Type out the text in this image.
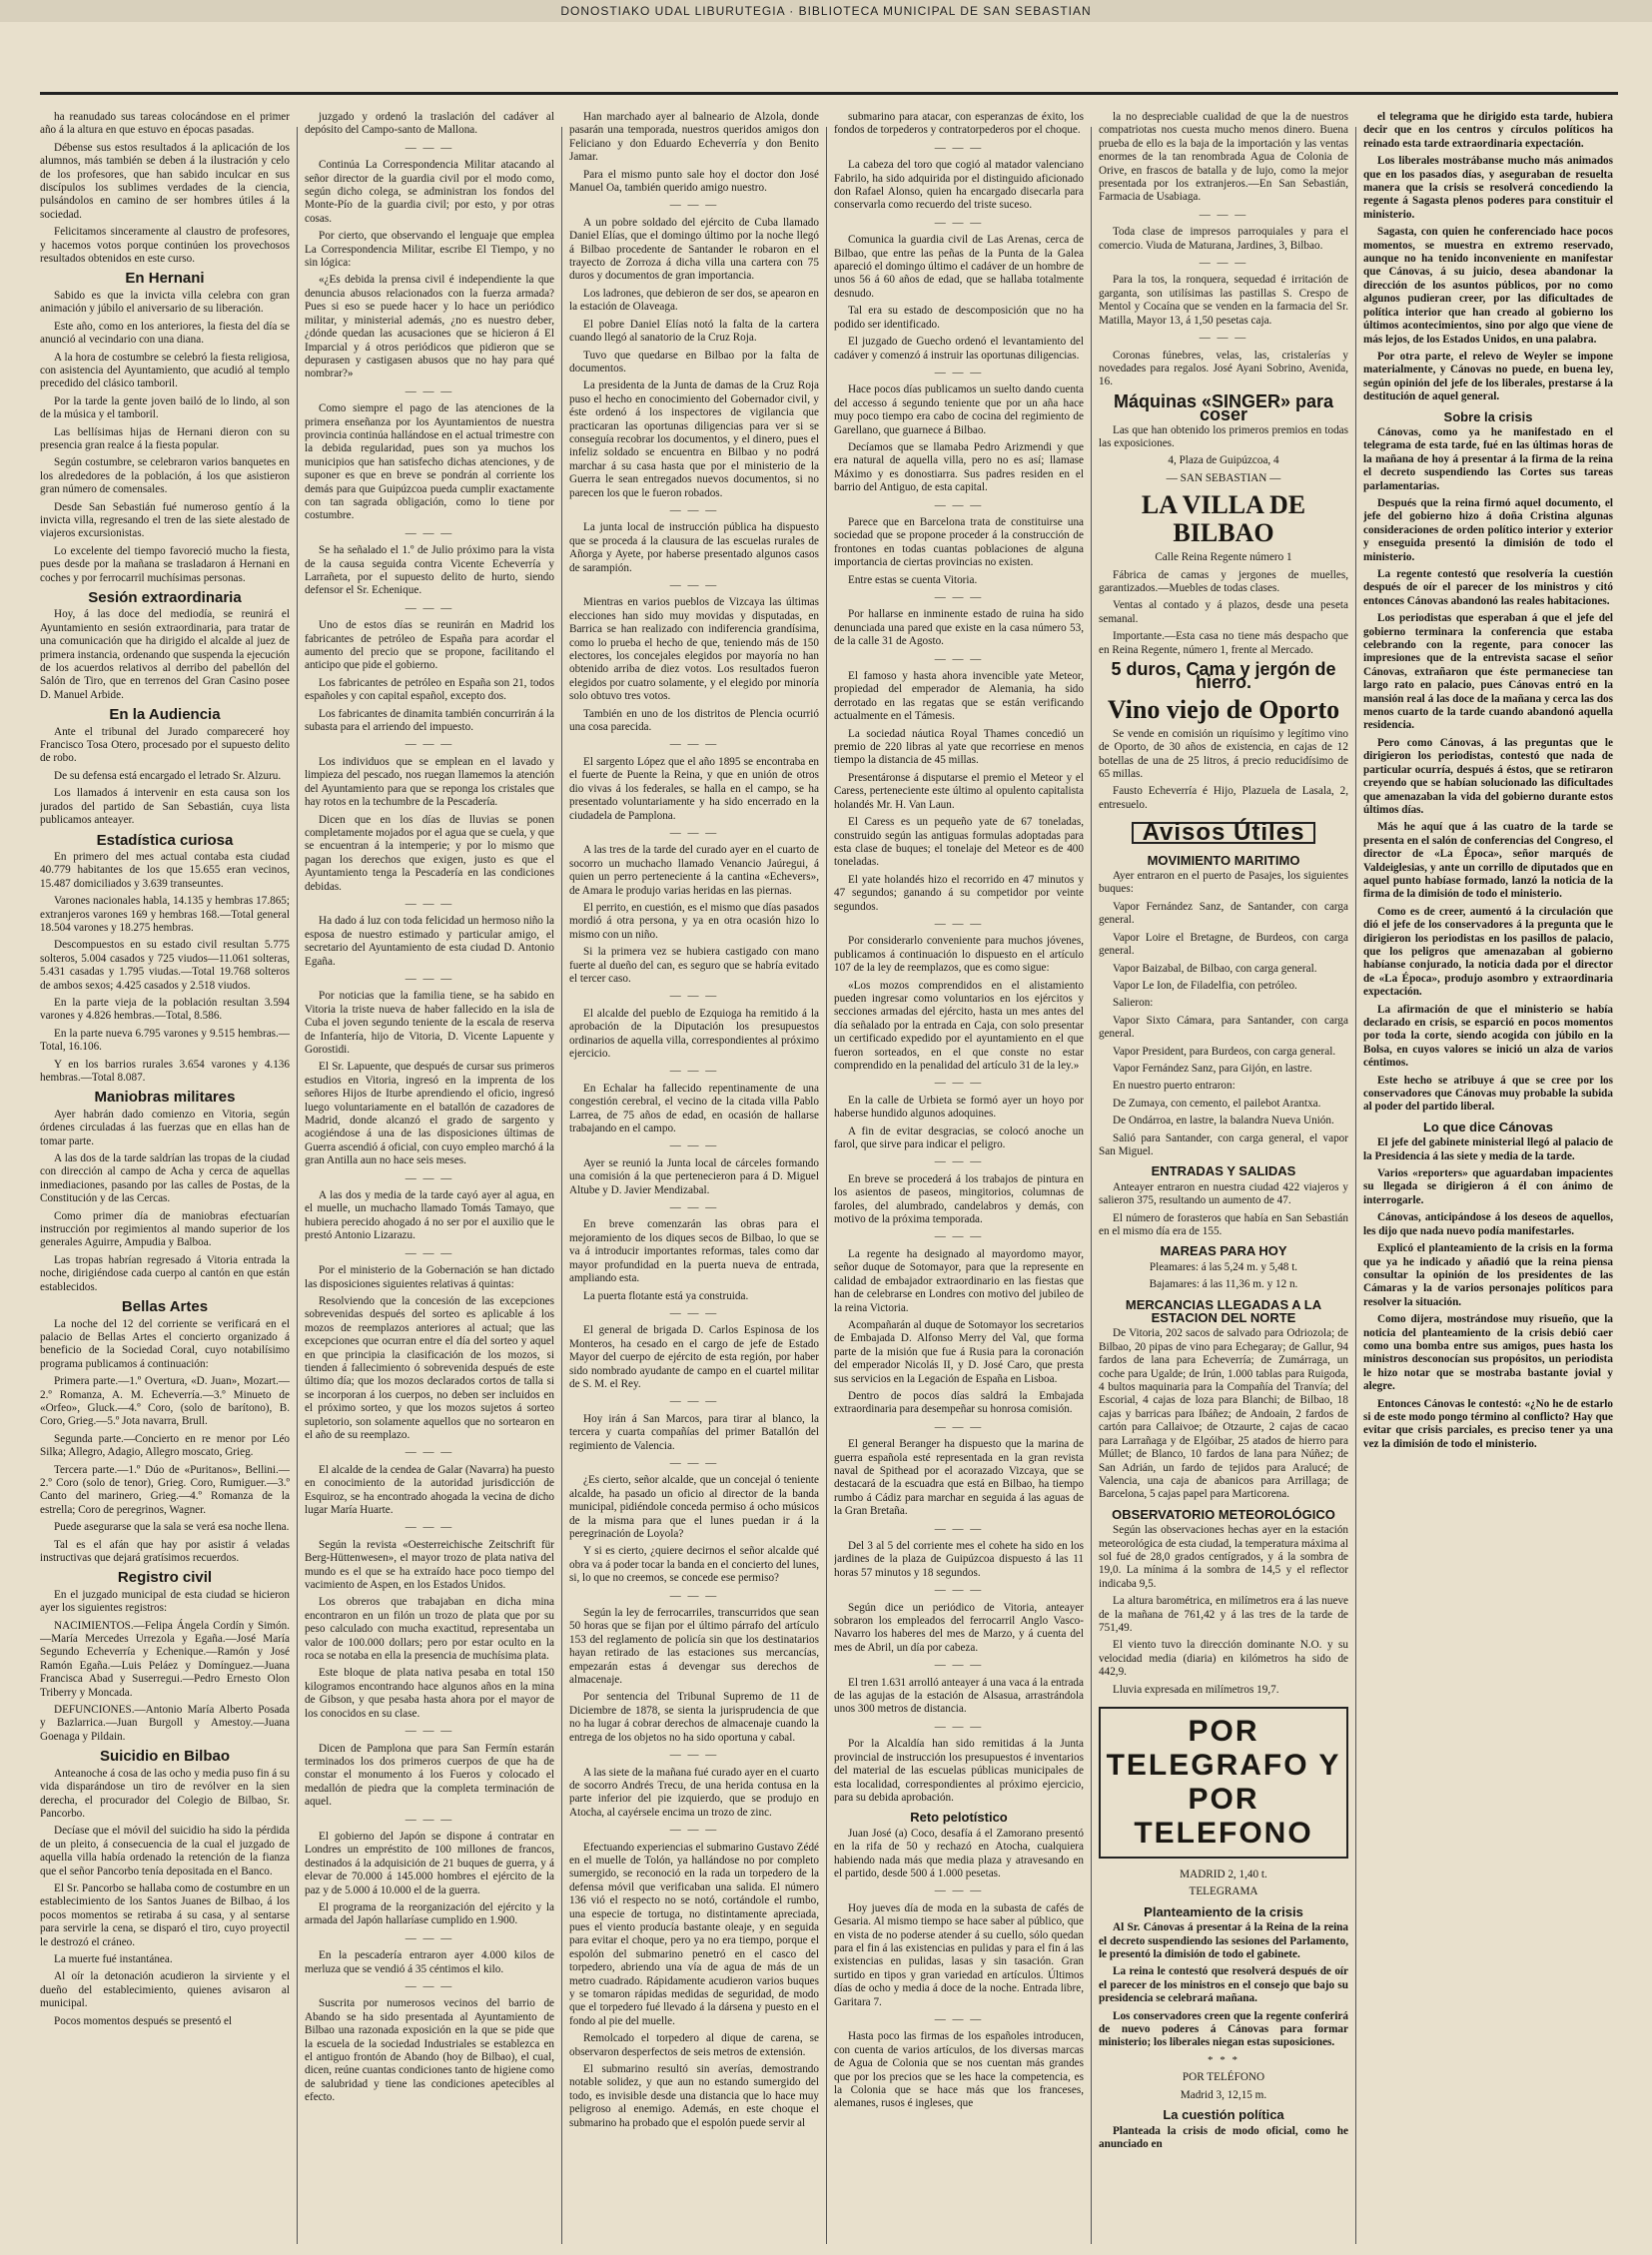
DONOSTIAKO UDAL LIBURUTEGIA · BIBLIOTECA MUNICIPAL DE SAN SEBASTIAN

ha reanudado sus tareas colocándose en el primer año á la altura en que estuvo en épocas pasadas.

Débense sus estos resultados á la aplicación de los alumnos, más también se deben á la ilustración y celo de los profesores, que han sabido inculcar en sus discípulos los sublimes verdades de la ciencia, pulsándolos en camino de ser hombres útiles á la sociedad.

Felicitamos sinceramente al claustro de profesores, y hacemos votos porque continúen los provechosos resultados obtenidos en este curso.

En Hernani

Sabido es que la invicta villa celebra con gran animación y júbilo el aniversario de su liberación.

Este año, como en los anteriores, la fiesta del día se anunció al vecindario con una diana.

A la hora de costumbre se celebró la fiesta religiosa, con asistencia del Ayuntamiento, que acudió al templo precedido del clásico tamboril.

Por la tarde la gente joven bailó de lo lindo, al son de la música y el tamboril.

Las bellísimas hijas de Hernani dieron con su presencia gran realce á la fiesta popular.

Según costumbre, se celebraron varios banquetes en los alrededores de la población, á los que asistieron gran número de comensales.

Desde San Sebastián fué numeroso gentío á la invicta villa, regresando el tren de las siete alestado de viajeros excursionistas.

Lo excelente del tiempo favoreció mucho la fiesta, pues desde por la mañana se trasladaron á Hernani en coches y por ferrocarril muchísimas personas.

Sesión extraordinaria

Hoy, á las doce del mediodía, se reunirá el Ayuntamiento en sesión extraordinaria, para tratar de una comunicación que ha dirigido el alcalde al juez de primera instancia, ordenando que suspenda la ejecución de los acuerdos relativos al derribo del pabellón del Salón de Tiro, que en terrenos del Gran Casino posee D. Manuel Arbide.

En la Audiencia

Ante el tribunal del Jurado compareceré hoy Francisco Tosa Otero, procesado por el supuesto delito de robo.

De su defensa está encargado el letrado Sr. Alzuru.

Los llamados á intervenir en esta causa son los jurados del partido de San Sebastián, cuya lista publicamos anteayer.

Estadística curiosa

En primero del mes actual contaba esta ciudad 40.779 habitantes de los que 15.655 eran vecinos, 15.487 domiciliados y 3.639 transeuntes.

Varones nacionales habla, 14.135 y hembras 17.865; extranjeros varones 169 y hembras 168.—Total general 18.504 varones y 18.275 hembras.

Descompuestos en su estado civil resultan 5.775 solteros, 5.004 casados y 725 viudos—11.061 solteras, 5.431 casadas y 1.795 viudas.—Total 19.768 solteros de ambos sexos; 4.425 casados y 2.518 viudos.

En la parte vieja de la población resultan 3.594 varones y 4.826 hembras.—Total, 8.586.

En la parte nueva 6.795 varones y 9.515 hembras.—Total, 16.106.

Y en los barrios rurales 3.654 varones y 4.136 hembras.—Total 8.087.

Maniobras militares

Ayer habrán dado comienzo en Vitoria, según órdenes circuladas á las fuerzas que en ellas han de tomar parte.

A las dos de la tarde saldrían las tropas de la ciudad con dirección al campo de Acha y cerca de aquellas inmediaciones, pasando por las calles de Postas, de la Constitución y de las Cercas.

Como primer día de maniobras efectuarían instrucción por regimientos al mando superior de los generales Aguirre, Ampudia y Balboa.

Las tropas habrían regresado á Vitoria entrada la noche, dirigiéndose cada cuerpo al cantón en que están establecidos.

Bellas Artes

La noche del 12 del corriente se verificará en el palacio de Bellas Artes el concierto organizado á beneficio de la Sociedad Coral, cuyo notabilísimo programa publicamos á continuación:

Primera parte.—1.º Overtura, «D. Juan», Mozart.—2.º Romanza, A. M. Echeverría.—3.º Minueto de «Orfeo», Gluck.—4.º Coro, (solo de barítono), B. Coro, Grieg.—5.º Jota navarra, Brull.

Segunda parte.—Concierto en re menor por Léo Silka; Allegro, Adagio, Allegro moscato, Grieg.

Tercera parte.—1.º Dúo de «Puritanos», Bellini.—2.º Coro (solo de tenor), Grieg. Coro, Rumiguer.—3.º Canto del marinero, Grieg.—4.º Romanza de la estrella; Coro de peregrinos, Wagner.

Puede asegurarse que la sala se verá esa noche llena.

Tal es el afán que hay por asistir á veladas instructivas que dejará gratísimos recuerdos.

Registro civil

En el juzgado municipal de esta ciudad se hicieron ayer los siguientes registros:

NACIMIENTOS.—Felipa Ángela Cordín y Simón.—María Mercedes Urrezola y Egaña.—José María Segundo Echeverría y Echenique.—Ramón y José Ramón Egaña.—Luis Peláez y Domínguez.—Juana Francisca Abad y Suserregui.—Pedro Ernesto Olon Triberry y Moncada.

DEFUNCIONES.—Antonio María Alberto Posada y Bazlarrica.—Juan Burgoll y Amestoy.—Juana Goenaga y Pildain.

Suicidio en Bilbao

Anteanoche á cosa de las ocho y media puso fin á su vida disparándose un tiro de revólver en la sien derecha, el procurador del Colegio de Bilbao, Sr. Pancorbo.

Decíase que el móvil del suicidio ha sido la pérdida de un pleito, á consecuencia de la cual el juzgado de aquella villa había ordenado la retención de la fianza que el señor Pancorbo tenía depositada en el Banco.

El Sr. Pancorbo se hallaba como de costumbre en un establecimiento de los Santos Juanes de Bilbao, á los pocos momentos se retiraba á su casa, y al sentarse para servirle la cena, se disparó el tiro, cuyo proyectil le destrozó el cráneo.

La muerte fué instantánea.

Al oír la detonación acudieron la sirviente y el dueño del establecimiento, quienes avisaron al municipal.

Pocos momentos después se presentó el

juzgado y ordenó la traslación del cadáver al depósito del Campo-santo de Mallona.

— — —

Continúa La Correspondencia Militar atacando al señor director de la guardia civil por el modo como, según dicho colega, se administran los fondos del Monte-Pío de la guardia civil; por esto, y por otras cosas.

Por cierto, que observando el lenguaje que emplea La Correspondencia Militar, escribe El Tiempo, y no sin lógica:

«¿Es debida la prensa civil é independiente la que denuncia abusos relacionados con la fuerza armada? Pues si eso se puede hacer y lo hace un periódico militar, y ministerial además, ¿no es nuestro deber, ¿dónde quedan las acusaciones que se hicieron á El Imparcial y á otros periódicos que pidieron que se depurasen y castigasen abusos que no hay para qué nombrar?»

— — —

Como siempre el pago de las atenciones de la primera enseñanza por los Ayuntamientos de nuestra provincia continúa hallándose en el actual trimestre con la debida regularidad, pues son ya muchos los municipios que han satisfecho dichas atenciones, y de suponer es que en breve se pondrán al corriente los demás para que Guipúzcoa pueda cumplir exactamente con tan sagrada obligación, como lo tiene por costumbre.

— — —

Se ha señalado el 1.º de Julio próximo para la vista de la causa seguida contra Vicente Echeverría y Larrañeta, por el supuesto delito de hurto, siendo defensor el Sr. Echenique.

— — —

Uno de estos días se reunirán en Madrid los fabricantes de petróleo de España para acordar el aumento del precio que se propone, facilitando el anticipo que pide el gobierno.

Los fabricantes de petróleo en España son 21, todos españoles y con capital español, excepto dos.

Los fabricantes de dinamita también concurrirán á la subasta para el arriendo del impuesto.

— — —

Los individuos que se emplean en el lavado y limpieza del pescado, nos ruegan llamemos la atención del Ayuntamiento para que se reponga los cristales que hay rotos en la techumbre de la Pescadería.

Dicen que en los días de lluvias se ponen completamente mojados por el agua que se cuela, y que se encuentran á la intemperie; y por lo mismo que pagan los derechos que exigen, justo es que el Ayuntamiento tenga la Pescadería en las condiciones debidas.

— — —

Ha dado á luz con toda felicidad un hermoso niño la esposa de nuestro estimado y particular amigo, el secretario del Ayuntamiento de esta ciudad D. Antonio Egaña.

— — —

Por noticias que la familia tiene, se ha sabido en Vitoria la triste nueva de haber fallecido en la isla de Cuba el joven segundo teniente de la escala de reserva de Infantería, hijo de Vitoria, D. Vicente Lapuente y Gorostidi.

El Sr. Lapuente, que después de cursar sus primeros estudios en Vitoria, ingresó en la imprenta de los señores Hijos de Iturbe aprendiendo el oficio, ingresó luego voluntariamente en el batallón de cazadores de Madrid, donde alcanzó el grado de sargento y acogiéndose á una de las disposiciones últimas de Guerra ascendió á oficial, con cuyo empleo marchó á la gran Antilla aun no hace seis meses.

— — —

A las dos y media de la tarde cayó ayer al agua, en el muelle, un muchacho llamado Tomás Tamayo, que hubiera perecido ahogado á no ser por el auxilio que le prestó Antonio Lizarazu.

— — —

Por el ministerio de la Gobernación se han dictado las disposiciones siguientes relativas á quintas:

Resolviendo que la concesión de las excepciones sobrevenidas después del sorteo es aplicable á los mozos de reemplazos anteriores al actual; que las excepciones que ocurran entre el día del sorteo y aquel en que principia la clasificación de los mozos, si tienden á fallecimiento ó sobrevenida después de este último día; que los mozos declarados cortos de talla si se incorporan á los cuerpos, no deben ser incluidos en el próximo sorteo, y que los mozos sujetos á sorteo supletorio, son solamente aquellos que no sortearon en el año de su reemplazo.

— — —

El alcalde de la cendea de Galar (Navarra) ha puesto en conocimiento de la autoridad jurisdicción de Esquiroz, se ha encontrado ahogada la vecina de dicho lugar María Huarte.

— — —

Según la revista «Oesterreichische Zeitschrift für Berg-Hüttenwesen», el mayor trozo de plata nativa del mundo es el que se ha extraído hace poco tiempo del vacimiento de Aspen, en los Estados Unidos.

Los obreros que trabajaban en dicha mina encontraron en un filón un trozo de plata que por su peso calculado con mucha exactitud, representaba un valor de 100.000 dollars; pero por estar oculto en la roca se notaba en ella la presencia de muchísima plata.

Este bloque de plata nativa pesaba en total 150 kilogramos encontrando hace algunos años en la mina de Gibson, y que pesaba hasta ahora por el mayor de los conocidos en su clase.

— — —

Dicen de Pamplona que para San Fermín estarán terminados los dos primeros cuerpos de que ha de constar el monumento á los Fueros y colocado el medallón de piedra que la completa terminación de aquel.

— — —

El gobierno del Japón se dispone á contratar en Londres un empréstito de 100 millones de francos, destinados á la adquisición de 21 buques de guerra, y á elevar de 70.000 á 145.000 hombres el ejército de la paz y de 5.000 á 10.000 el de la guerra.

El programa de la reorganización del ejército y la armada del Japón hallaríase cumplido en 1.900.

— — —

En la pescadería entraron ayer 4.000 kilos de merluza que se vendió á 35 céntimos el kilo.

— — —

Suscrita por numerosos vecinos del barrio de Abando se ha sido presentada al Ayuntamiento de Bilbao una razonada exposición en la que se pide que la escuela de la sociedad Industriales se establezca en el antiguo frontón de Abando (hoy de Bilbao), el cual, dicen, reúne cuantas condiciones tanto de higiene como de salubridad y tiene las condiciones apetecibles al efecto.

Han marchado ayer al balneario de Alzola, donde pasarán una temporada, nuestros queridos amigos don Feliciano y don Eduardo Echeverría y don Benito Jamar.

Para el mismo punto sale hoy el doctor don José Manuel Oa, también querido amigo nuestro.

— — —

A un pobre soldado del ejército de Cuba llamado Daniel Elías, que el domingo último por la noche llegó á Bilbao procedente de Santander le robaron en el trayecto de Zorroza á dicha villa una cartera con 75 duros y documentos de gran importancia.

Los ladrones, que debieron de ser dos, se apearon en la estación de Olaveaga.

El pobre Daniel Elías notó la falta de la cartera cuando llegó al sanatorio de la Cruz Roja.

Tuvo que quedarse en Bilbao por la falta de documentos.

La presidenta de la Junta de damas de la Cruz Roja puso el hecho en conocimiento del Gobernador civil, y éste ordenó á los inspectores de vigilancia que practicaran las oportunas diligencias para ver si se conseguía recobrar los documentos, y el dinero, pues el infeliz soldado se encuentra en Bilbao y no podrá marchar á su casa hasta que por el ministerio de la Guerra le sean entregados nuevos documentos, si no parecen los que le fueron robados.

— — —

La junta local de instrucción pública ha dispuesto que se proceda á la clausura de las escuelas rurales de Añorga y Ayete, por haberse presentado algunos casos de sarampión.

— — —

Mientras en varios pueblos de Vizcaya las últimas elecciones han sido muy movidas y disputadas, en Barrica se han realizado con indiferencia grandísima, como lo prueba el hecho de que, teniendo más de 150 electores, los concejales elegidos por mayoría no han obtenido arriba de diez votos. Los resultados fueron elegidos por cuatro solamente, y el elegido por minoría solo obtuvo tres votos.

También en uno de los distritos de Plencia ocurrió una cosa parecida.

— — —

El sargento López que el año 1895 se encontraba en el fuerte de Puente la Reina, y que en unión de otros dio vivas á los federales, se halla en el campo, se ha presentado voluntariamente y ha sido encerrado en la ciudadela de Pamplona.

— — —

A las tres de la tarde del curado ayer en el cuarto de socorro un muchacho llamado Venancio Jaúregui, á quien un perro perteneciente á la cantina «Echevers», de Amara le produjo varias heridas en las piernas.

El perrito, en cuestión, es el mismo que días pasados mordió á otra persona, y ya en otra ocasión hizo lo mismo con un niño.

Si la primera vez se hubiera castigado con mano fuerte al dueño del can, es seguro que se habría evitado el tercer caso.

— — —

El alcalde del pueblo de Ezquioga ha remitido á la aprobación de la Diputación los presupuestos ordinarios de aquella villa, correspondientes al próximo ejercicio.

— — —

En Echalar ha fallecido repentinamente de una congestión cerebral, el vecino de la citada villa Pablo Larrea, de 75 años de edad, en ocasión de hallarse trabajando en el campo.

— — —

Ayer se reunió la Junta local de cárceles formando una comisión á la que pertenecieron para á D. Miguel Altube y D. Javier Mendizabal.

— — —

En breve comenzarán las obras para el mejoramiento de los diques secos de Bilbao, lo que se va á introducir importantes reformas, tales como dar mayor profundidad en la puerta nueva de entrada, ampliando esta.

La puerta flotante está ya construida.

— — —

El general de brigada D. Carlos Espinosa de los Monteros, ha cesado en el cargo de jefe de Estado Mayor del cuerpo de ejército de esta región, por haber sido nombrado ayudante de campo en el cuartel militar de S. M. el Rey.

— — —

Hoy irán á San Marcos, para tirar al blanco, la tercera y cuarta compañías del primer Batallón del regimiento de Valencia.

— — —

¿Es cierto, señor alcalde, que un concejal ó teniente alcalde, ha pasado un oficio al director de la banda municipal, pidiéndole conceda permiso á ocho músicos de la misma para que el lunes puedan ir á la peregrinación de Loyola?

Y si es cierto, ¿quiere decirnos el señor alcalde qué obra va á poder tocar la banda en el concierto del lunes, si, lo que no creemos, se concede ese permiso?

— — —

Según la ley de ferrocarriles, transcurridos que sean 50 horas que se fijan por el último párrafo del artículo 153 del reglamento de policía sin que los destinatarios hayan retirado de las estaciones sus mercancías, empezarán estas á devengar sus derechos de almacenaje.

Por sentencia del Tribunal Supremo de 11 de Diciembre de 1878, se sienta la jurisprudencia de que no ha lugar á cobrar derechos de almacenaje cuando la entrega de los objetos no ha sido oportuna y cabal.

— — —

A las siete de la mañana fué curado ayer en el cuarto de socorro Andrés Trecu, de una herida contusa en la parte inferior del pie izquierdo, que se produjo en Atocha, al cayérsele encima un trozo de zinc.

— — —

Efectuando experiencias el submarino Gustavo Zédé en el muelle de Tolón, ya hallándose no por completo sumergido, se reconoció en la rada un torpedero de la defensa móvil que verificaban una salida. El número 136 vió el respecto no se notó, cortándole el rumbo, una especie de tortuga, no distintamente apreciada, pues el viento producía bastante oleaje, y en seguida para evitar el choque, pero ya no era tiempo, porque el espolón del submarino penetró en el casco del torpedero, abriendo una vía de agua de más de un metro cuadrado. Rápidamente acudieron varios buques y se tomaron rápidas medidas de seguridad, de modo que el torpedero fué llevado á la dársena y puesto en el fondo al pie del muelle.

Remolcado el torpedero al dique de carena, se observaron desperfectos de seis metros de extensión.

El submarino resultó sin averías, demostrando notable solidez, y que aun no estando sumergido del todo, es invisible desde una distancia que lo hace muy peligroso al enemigo. Además, en este choque el submarino ha probado que el espolón puede servir al

submarino para atacar, con esperanzas de éxito, los fondos de torpederos y contratorpederos por el choque.

— — —

La cabeza del toro que cogió al matador valenciano Fabrilo, ha sido adquirida por el distinguido aficionado don Rafael Alonso, quien ha encargado disecarla para conservarla como recuerdo del triste suceso.

— — —

Comunica la guardia civil de Las Arenas, cerca de Bilbao, que entre las peñas de la Punta de la Galea apareció el domingo último el cadáver de un hombre de unos 56 á 60 años de edad, que se hallaba totalmente desnudo.

Tal era su estado de descomposición que no ha podido ser identificado.

El juzgado de Guecho ordenó el levantamiento del cadáver y comenzó á instruir las oportunas diligencias.

— — —

Hace pocos días publicamos un suelto dando cuenta del accesso á segundo teniente que por un aña hace muy poco tiempo era cabo de cocina del regimiento de Garellano, que guarnece á Bilbao.

Decíamos que se llamaba Pedro Arizmendi y que era natural de aquella villa, pero no es así; llamase Máximo y es donostiarra. Sus padres residen en el barrio del Antiguo, de esta capital.

— — —

Parece que en Barcelona trata de constituirse una sociedad que se propone proceder á la construcción de frontones en todas cuantas poblaciones de alguna importancia de ciertas provincias no existen.

Entre estas se cuenta Vitoria.

— — —

Por hallarse en inminente estado de ruina ha sido denunciada una pared que existe en la casa número 53, de la calle 31 de Agosto.

— — —

El famoso y hasta ahora invencible yate Meteor, propiedad del emperador de Alemania, ha sido derrotado en las regatas que se están verificando actualmente en el Támesis.

La sociedad náutica Royal Thames concedió un premio de 220 libras al yate que recorriese en menos tiempo la distancia de 45 millas.

Presentáronse á disputarse el premio el Meteor y el Caress, perteneciente este último al opulento capitalista holandés Mr. H. Van Laun.

El Caress es un pequeño yate de 67 toneladas, construido según las antiguas formulas adoptadas para esta clase de buques; el tonelaje del Meteor es de 400 toneladas.

El yate holandés hizo el recorrido en 47 minutos y 47 segundos; ganando á su competidor por veinte segundos.

— — —

Por considerarlo conveniente para muchos jóvenes, publicamos á continuación lo dispuesto en el artículo 107 de la ley de reemplazos, que es como sigue:

«Los mozos comprendidos en el alistamiento pueden ingresar como voluntarios en los ejércitos y secciones armadas del ejército, hasta un mes antes del día señalado por la entrada en Caja, con solo presentar un certificado expedido por el ayuntamiento en el que fueron sorteados, en el que conste no estar comprendido en la penalidad del artículo 31 de la ley.»

— — —

En la calle de Urbieta se formó ayer un hoyo por haberse hundido algunos adoquines.

A fin de evitar desgracias, se colocó anoche un farol, que sirve para indicar el peligro.

— — —

En breve se procederá á los trabajos de pintura en los asientos de paseos, mingitorios, columnas de faroles, del alumbrado, candelabros y demás, con motivo de la próxima temporada.

— — —

La regente ha designado al mayordomo mayor, señor duque de Sotomayor, para que la represente en calidad de embajador extraordinario en las fiestas que han de celebrarse en Londres con motivo del jubileo de la reina Victoria.

Acompañarán al duque de Sotomayor los secretarios de Embajada D. Alfonso Merry del Val, que forma parte de la misión que fue á Rusia para la coronación del emperador Nicolás II, y D. José Caro, que presta sus servicios en la Legación de España en Lisboa.

Dentro de pocos días saldrá la Embajada extraordinaria para desempeñar su honrosa comisión.

— — —

El general Beranger ha dispuesto que la marina de guerra española esté representada en la gran revista naval de Spithead por el acorazado Vizcaya, que se destacará de la escuadra que está en Bilbao, ha tiempo rumbo á Cádiz para marchar en seguida á las aguas de la Gran Bretaña.

— — —

Del 3 al 5 del corriente mes el cohete ha sido en los jardines de la plaza de Guipúzcoa dispuesto á las 11 horas 57 minutos y 18 segundos.

— — —

Según dice un periódico de Vitoria, anteayer sobraron los empleados del ferrocarril Anglo Vasco-Navarro los haberes del mes de Marzo, y á cuenta del mes de Abril, un día por cabeza.

— — —

El tren 1.631 arrolló anteayer á una vaca á la entrada de las agujas de la estación de Alsasua, arrastrándola unos 300 metros de distancia.

— — —

Por la Alcaldía han sido remitidas á la Junta provincial de instrucción los presupuestos é inventarios del material de las escuelas públicas municipales de esta localidad, correspondientes al próximo ejercicio, para su debida aprobación.

Reto pelotístico

Juan José (a) Coco, desafía á el Zamorano presentó en la rifa de 50 y rechazó en Atocha, cualquiera habiendo nada más que media plaza y atravesando en el partido, desde 500 á 1.000 pesetas.

— — —

Hoy jueves día de moda en la subasta de cafés de Gesaria. Al mismo tiempo se hace saber al público, que en vista de no poderse atender á su cuello, sólo quedan para el fin á las existencias en pulidas y para el fin á las existencias en pulidas, lasas y sin tasación. Gran surtido en tipos y gran variedad en artículos. Últimos días de ocho y media á doce de la noche. Entrada libre, Garitara 7.

— — —

Hasta poco las firmas de los españoles introducen, con cuenta de varios artículos, de los diversas marcas de Agua de Colonia que se nos cuentan más grandes que por los precios que se les hace la competencia, es la Colonia que se hace más que los franceses, alemanes, rusos é ingleses, que

la no despreciable cualidad de que la de nuestros compatriotas nos cuesta mucho menos dinero. Buena prueba de ello es la baja de la importación y las ventas enormes de la tan renombrada Agua de Colonia de Orive, en frascos de batalla y de lujo, como la mejor presentada por los extranjeros.—En San Sebastián, Farmacia de Usabiaga.

— — —

Toda clase de impresos parroquiales y para el comercio. Viuda de Maturana, Jardines, 3, Bilbao.

— — —

Para la tos, la ronquera, sequedad é irritación de garganta, son utilísimas las pastillas S. Crespo de Mentol y Cocaína que se venden en la farmacia del Sr. Matilla, Mayor 13, á 1,50 pesetas caja.

— — —

Coronas fúnebres, velas, las, cristalerías y novedades para regalos. José Ayani Sobrino, Avenida, 16.

Máquinas «SINGER» para coser

Las que han obtenido los primeros premios en todas las exposiciones.

4, Plaza de Guipúzcoa, 4

— SAN SEBASTIAN —

LA VILLA DE BILBAO

Calle Reina Regente número 1

Fábrica de camas y jergones de muelles, garantizados.—Muebles de todas clases.

Ventas al contado y á plazos, desde una peseta semanal.

Importante.—Esta casa no tiene más despacho que en Reina Regente, número 1, frente al Mercado.

5 duros, Cama y jergón de hierro.
Vino viejo de Oporto

Se vende en comisión un riquísimo y legítimo vino de Oporto, de 30 años de existencia, en cajas de 12 botellas de una de 25 litros, á precio reducidísimo de 65 millas.

Fausto Echeverría é Hijo, Plazuela de Lasala, 2, entresuelo.

Avisos Útiles
MOVIMIENTO MARITIMO

Ayer entraron en el puerto de Pasajes, los siguientes buques:

Vapor Fernández Sanz, de Santander, con carga general.

Vapor Loire el Bretagne, de Burdeos, con carga general.

Vapor Baizabal, de Bilbao, con carga general.

Vapor Le Ion, de Filadelfia, con petróleo.

Salieron:

Vapor Sixto Cámara, para Santander, con carga general.

Vapor President, para Burdeos, con carga general.

Vapor Fernández Sanz, para Gijón, en lastre.

En nuestro puerto entraron:

De Zumaya, con cemento, el pailebot Arantxa.

De Ondárroa, en lastre, la balandra Nueva Unión.

Salió para Santander, con carga general, el vapor San Miguel.

ENTRADAS Y SALIDAS

Anteayer entraron en nuestra ciudad 422 viajeros y salieron 375, resultando un aumento de 47.

El número de forasteros que había en San Sebastián en el mismo día era de 155.

MAREAS PARA HOY

Pleamares: á las 5,24 m. y 5,48 t.

Bajamares: á las 11,36 m. y 12 n.

MERCANCIAS LLEGADAS A LA ESTACION DEL NORTE

De Vitoria, 202 sacos de salvado para Odriozola; de Bilbao, 20 pipas de vino para Echegaray; de Gallur, 94 fardos de lana para Echeverría; de Zumárraga, un coche para Ugalde; de Irún, 1.000 tablas para Ruigoda, 4 bultos maquinaria para la Compañía del Tranvía; del Escorial, 4 cajas de loza para Blanchi; de Bilbao, 18 cajas y barricas para Ibáñez; de Andoain, 2 fardos de cartón para Callaivoe; de Otzaurte, 2 cajas de cacao para Larrañaga y de Elgóibar, 25 atados de hierro para Múllet; de Blanco, 10 fardos de lana para Núñez; de San Adrián, un fardo de tejidos para Aralucé; de Valencia, una caja de abanicos para Arrillaga; de Barcelona, 5 cajas papel para Marticorena.

OBSERVATORIO METEOROLÓGICO

Según las observaciones hechas ayer en la estación meteorológica de esta ciudad, la temperatura máxima al sol fué de 28,0 grados centígrados, y á la sombra de 19,0. La mínima á la sombra de 14,5 y el reflector indicaba 9,5.

La altura barométrica, en milímetros era á las nueve de la mañana de 761,42 y á las tres de la tarde de 751,49.

El viento tuvo la dirección dominante N.O. y su velocidad media (diaria) en kilómetros ha sido de 442,9.

Lluvia expresada en milímetros 19,7.

POR TELEGRAFO Y POR TELEFONO

MADRID 2, 1,40 t.

TELEGRAMA

Planteamiento de la crisis

Al Sr. Cánovas á presentar á la Reina de la reina el decreto suspendiendo las sesiones del Parlamento, le presentó la dimisión de todo el gabinete.

La reina le contestó que resolverá después de oír el parecer de los ministros en el consejo que bajo su presidencia se celebrará mañana.

Los conservadores creen que la regente conferirá de nuevo poderes á Cánovas para formar ministerio; los liberales niegan estas suposiciones.

* * *

POR TELÉFONO

Madrid 3, 12,15 m.

La cuestión política

Planteada la crisis de modo oficial, como he anunciado en

el telegrama que he dirigido esta tarde, hubiera decir que en los centros y círculos políticos ha reinado esta tarde extraordinaria expectación.

Los liberales mostrábanse mucho más animados que en los pasados días, y aseguraban de resuelta manera que la crisis se resolverá concediendo la regente á Sagasta plenos poderes para constituir el ministerio.

Sagasta, con quien he conferenciado hace pocos momentos, se muestra en extremo reservado, aunque no ha tenido inconveniente en manifestar que Cánovas, á su juicio, desea abandonar la dirección de los asuntos públicos, por no como algunos pudieran creer, por las dificultades de política interior que han creado al gobierno los últimos acontecimientos, sino por algo que viene de más lejos, de los Estados Unidos, en una palabra.

Por otra parte, el relevo de Weyler se impone materialmente, y Cánovas no puede, en buena ley, según opinión del jefe de los liberales, prestarse á la destitución de aquel general.

Sobre la crisis

Cánovas, como ya he manifestado en el telegrama de esta tarde, fué en las últimas horas de la mañana de hoy á presentar á la firma de la reina el decreto suspendiendo las Cortes sus tareas parlamentarias.

Después que la reina firmó aquel documento, el jefe del gobierno hizo á doña Cristina algunas consideraciones de orden político interior y exterior y enseguida presentó la dimisión de todo el ministerio.

La regente contestó que resolvería la cuestión después de oír el parecer de los ministros y citó entonces Cánovas abandonó las reales habitaciones.

Los periodistas que esperaban á que el jefe del gobierno terminara la conferencia que estaba celebrando con la regente, para conocer las impresiones que de la entrevista sacase el señor Cánovas, extrañaron que éste permaneciese tan largo rato en palacio, pues Cánovas entró en la mansión real á las doce de la mañana y cerca las dos menos cuarto de la tarde cuando abandonó aquella residencia.

Pero como Cánovas, á las preguntas que le dirigieron los periodistas, contestó que nada de particular ocurría, después á éstos, que se retiraron creyendo que se habían solucionado las dificultades que amenazaban la vida del gobierno durante estos últimos días.

Más he aquí que á las cuatro de la tarde se presenta en el salón de conferencias del Congreso, el director de «La Época», señor marqués de Valdeiglesias, y ante un corrillo de diputados que en aquel punto habíase formado, lanzó la noticia de la firma de la dimisión de todo el ministerio.

Como es de creer, aumentó á la circulación que dió el jefe de los conservadores á la pregunta que le dirigieron los periodistas en los pasillos de palacio, que los peligros que amenazaban al gobierno habíanse conjurado, la noticia dada por el director de «La Época», produjo asombro y extraordinaria expectación.

La afirmación de que el ministerio se había declarado en crisis, se esparció en pocos momentos por toda la corte, siendo acogida con júbilo en la Bolsa, en cuyos valores se inició un alza de varios céntimos.

Este hecho se atribuye á que se cree por los conservadores que Cánovas muy probable la subida al poder del partido liberal.

Lo que dice Cánovas

El jefe del gabinete ministerial llegó al palacio de la Presidencia á las siete y media de la tarde.

Varios «reporters» que aguardaban impacientes su llegada se dirigieron á él con ánimo de interrogarle.

Cánovas, anticipándose á los deseos de aquellos, les dijo que nada nuevo podía manifestarles.

Explicó el planteamiento de la crisis en la forma que ya he indicado y añadió que la reina piensa consultar la opinión de los presidentes de las Cámaras y la de varios personajes políticos para resolver la situación.

Como dijera, mostrándose muy risueño, que la noticia del planteamiento de la crisis debió caer como una bomba entre sus amigos, pues hasta los ministros desconocían sus propósitos, un periodista le hizo notar que se mostraba bastante jovial y alegre.

Entonces Cánovas le contestó: «¿No he de estarlo si de este modo pongo término al conflicto? Hay que evitar que crisis parciales, es preciso tener ya una vez la dimisión de todo el ministerio.
